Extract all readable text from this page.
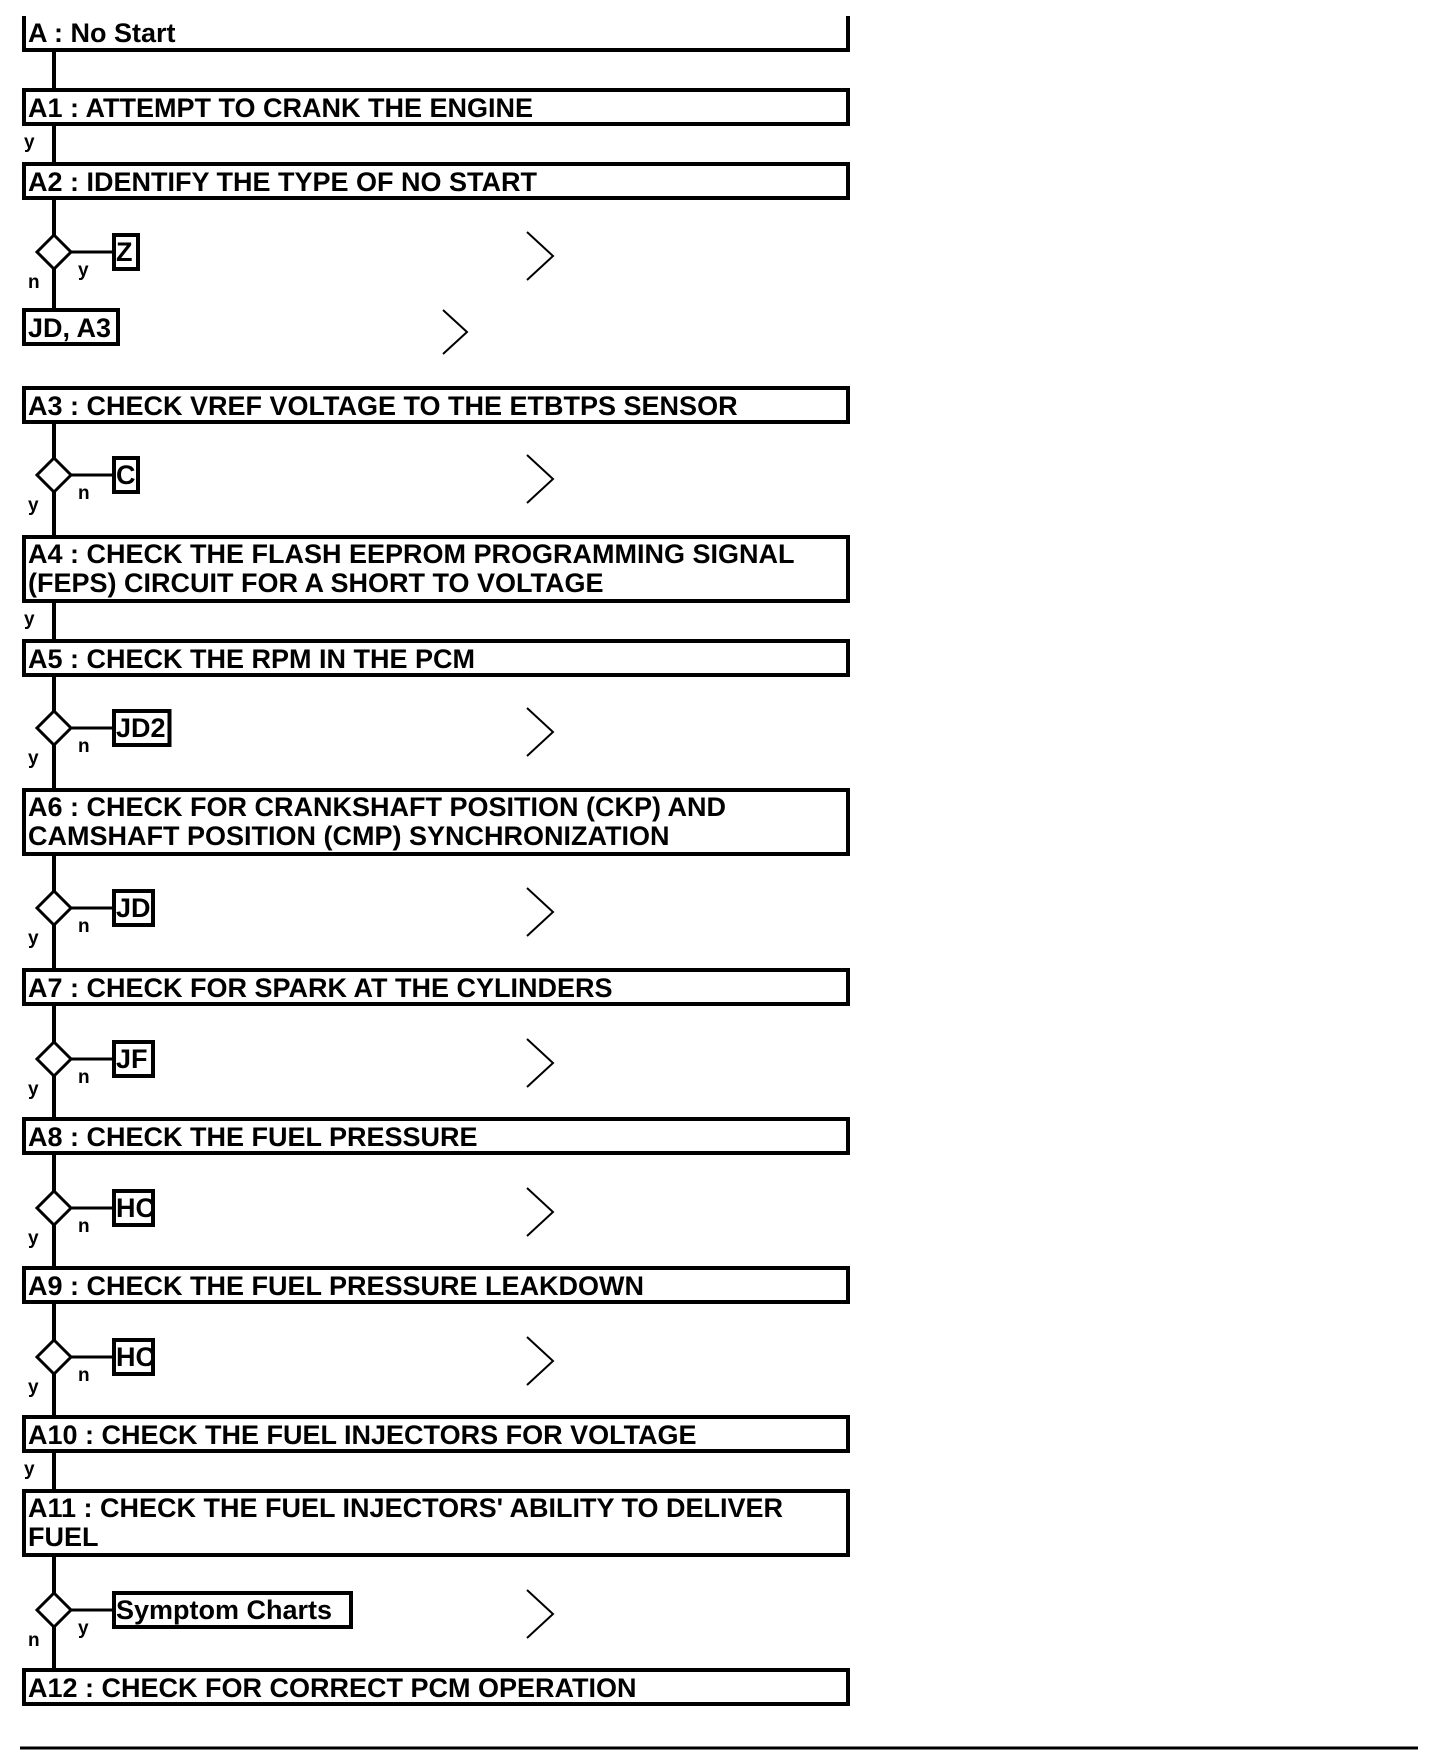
A : No Start
A1 : ATTEMPT TO CRANK THE ENGINE
y
A2 : IDENTIFY THE TYPE OF NO START
Z
y
n
JD, A3
A3 : CHECK VREF VOLTAGE TO THE ETBTPS SENSOR
C
n
y
A4 : CHECK THE FLASH EEPROM PROGRAMMING SIGNAL
(FEPS) CIRCUIT FOR A SHORT TO VOLTAGE
y
A5 : CHECK THE RPM IN THE PCM
JD2
n
y
A6 : CHECK FOR CRANKSHAFT POSITION (CKP) AND
CAMSHAFT POSITION (CMP) SYNCHRONIZATION
JD
n
y
A7 : CHECK FOR SPARK AT THE CYLINDERS
JF
n
y
A8 : CHECK THE FUEL PRESSURE
HC
n
y
A9 : CHECK THE FUEL PRESSURE LEAKDOWN
HC
n
y
A10 : CHECK THE FUEL INJECTORS FOR VOLTAGE
y
A11 : CHECK THE FUEL INJECTORS' ABILITY TO DELIVER
FUEL
Symptom Charts
y
n
A12 : CHECK FOR CORRECT PCM OPERATION
